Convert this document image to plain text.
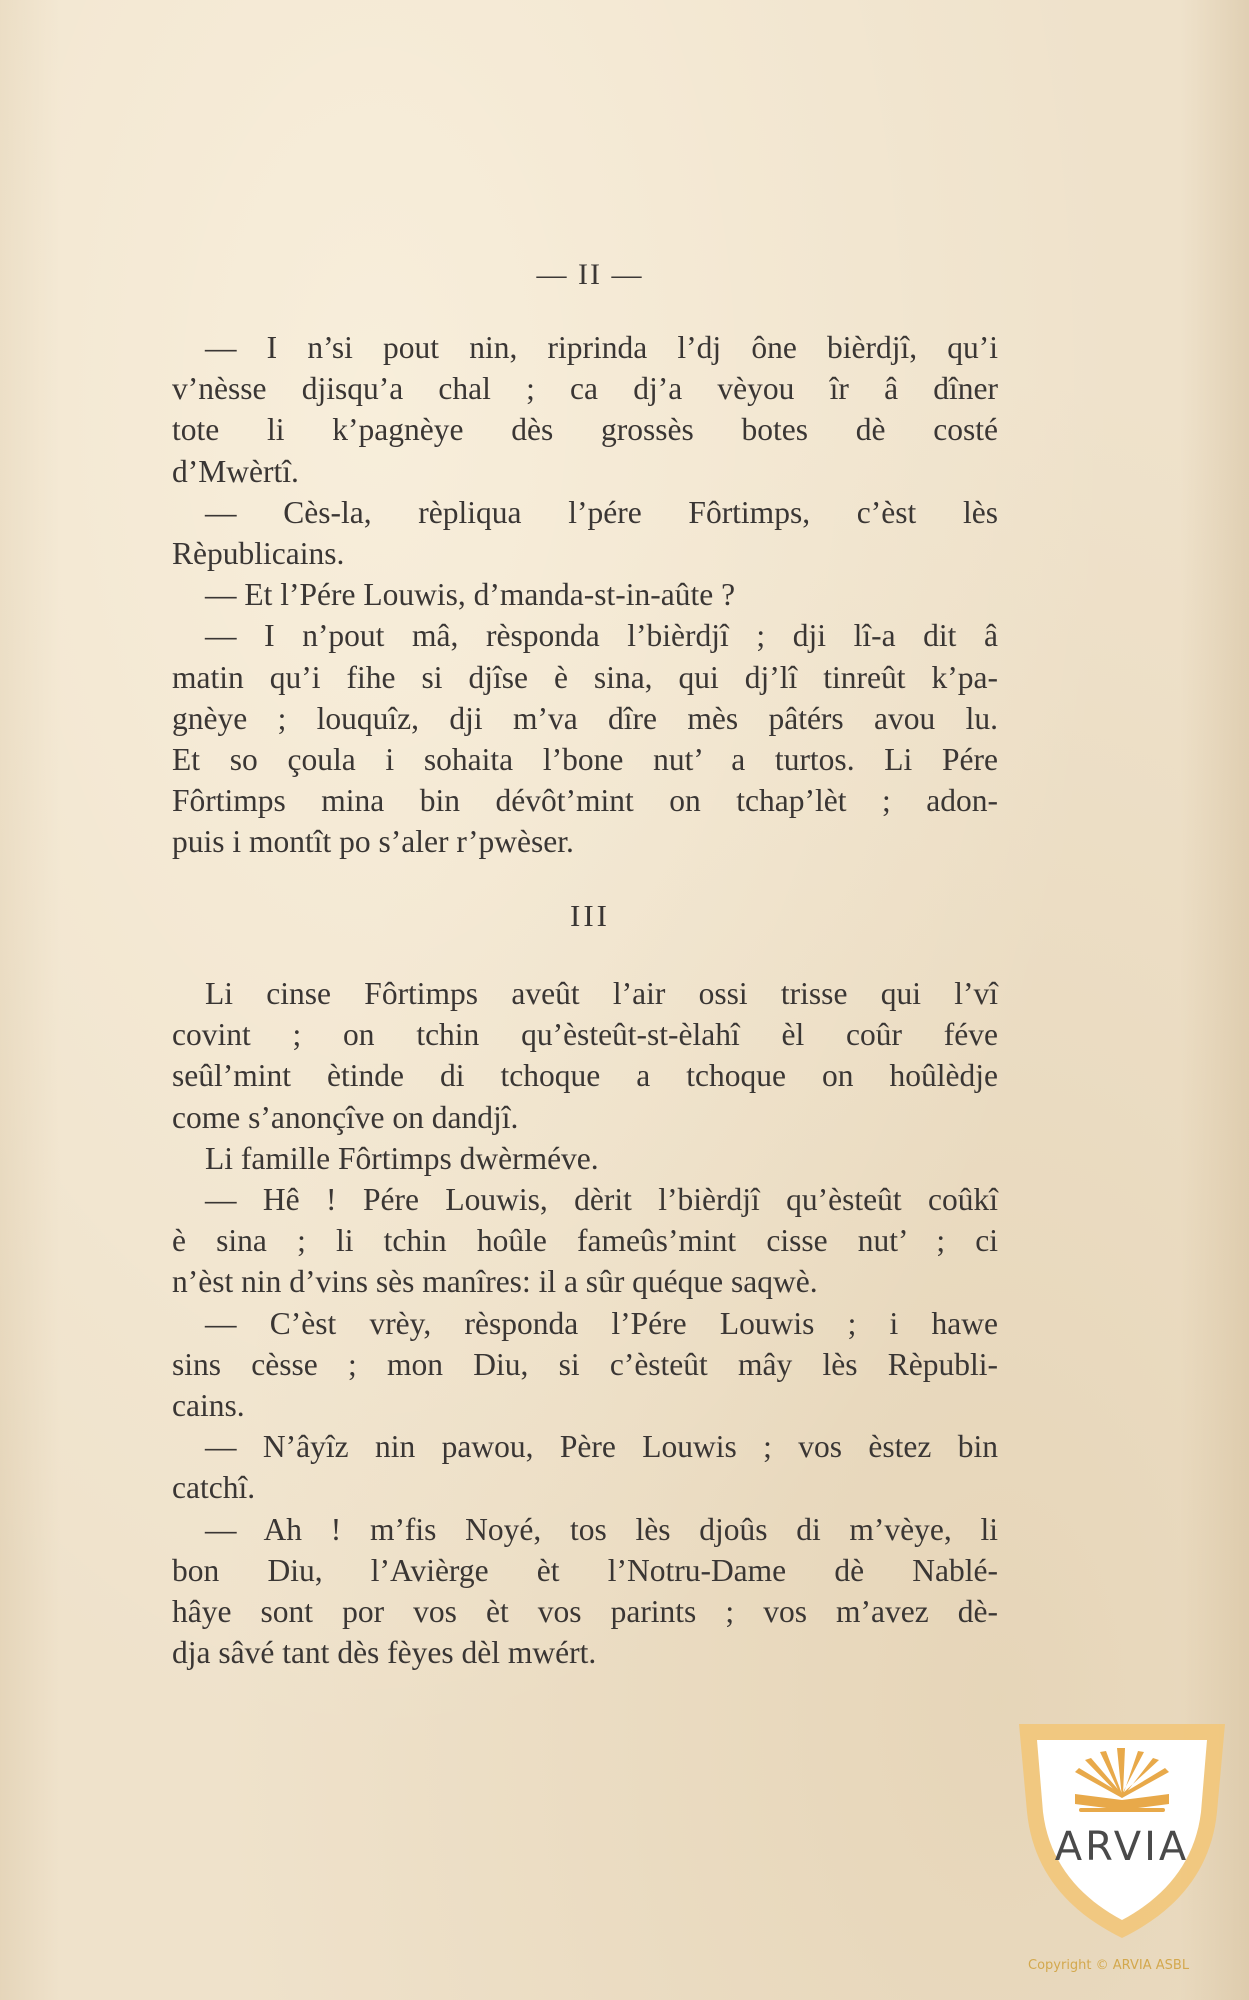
— II —

— I n’si pout nin, riprinda l’dj ône bièrdjî, qu’i
v’nèsse djisqu’a chal ; ca dj’a vèyou îr â dîner
tote li k’pagnèye dès grossès botes dè costé
d’Mwèrtî.

— Cès-la, rèpliqua l’pére Fôrtimps, c’èst lès
Rèpublicains.

— Et l’Pére Louwis, d’manda-st-in-aûte ?

— I n’pout mâ, rèsponda l’bièrdjî ; dji lî-a dit â
matin qu’i fihe si djîse è sina, qui dj’lî tinreût k’pa-
gnèye ; louquîz, dji m’va dîre mès pâtérs avou lu.
Et so çoula i sohaita l’bone nut’ a turtos. Li Pére
Fôrtimps mina bin dévôt’mint on tchap’lèt ; adon-
puis i montît po s’aler r’pwèser.

III

Li cinse Fôrtimps aveût l’air ossi trisse qui l’vî
covint ; on tchin qu’èsteût-st-èlahî èl coûr féve
seûl’mint ètinde di tchoque a tchoque on hoûlèdje
come s’anonçîve on dandjî.

Li famille Fôrtimps dwèrméve.

— Hê ! Pére Louwis, dèrit l’bièrdjî qu’èsteût coûkî
è sina ; li tchin hoûle fameûs’mint cisse nut’ ; ci
n’èst nin d’vins sès manîres: il a sûr quéque saqwè.

— C’èst vrèy, rèsponda l’Pére Louwis ; i hawe
sins cèsse ; mon Diu, si c’èsteût mây lès Rèpubli-
cains.

— N’âyîz nin pawou, Père Louwis ; vos èstez bin
catchî.

— Ah ! m’fis Noyé, tos lès djoûs di m’vèye, li
bon Diu, l’Avièrge èt l’Notru-Dame dè Nablé-
hâye sont por vos èt vos parints ; vos m’avez dè-
dja sâvé tant dès fèyes dèl mwért.

ARVIA
Copyright © ARVIA ASBL
